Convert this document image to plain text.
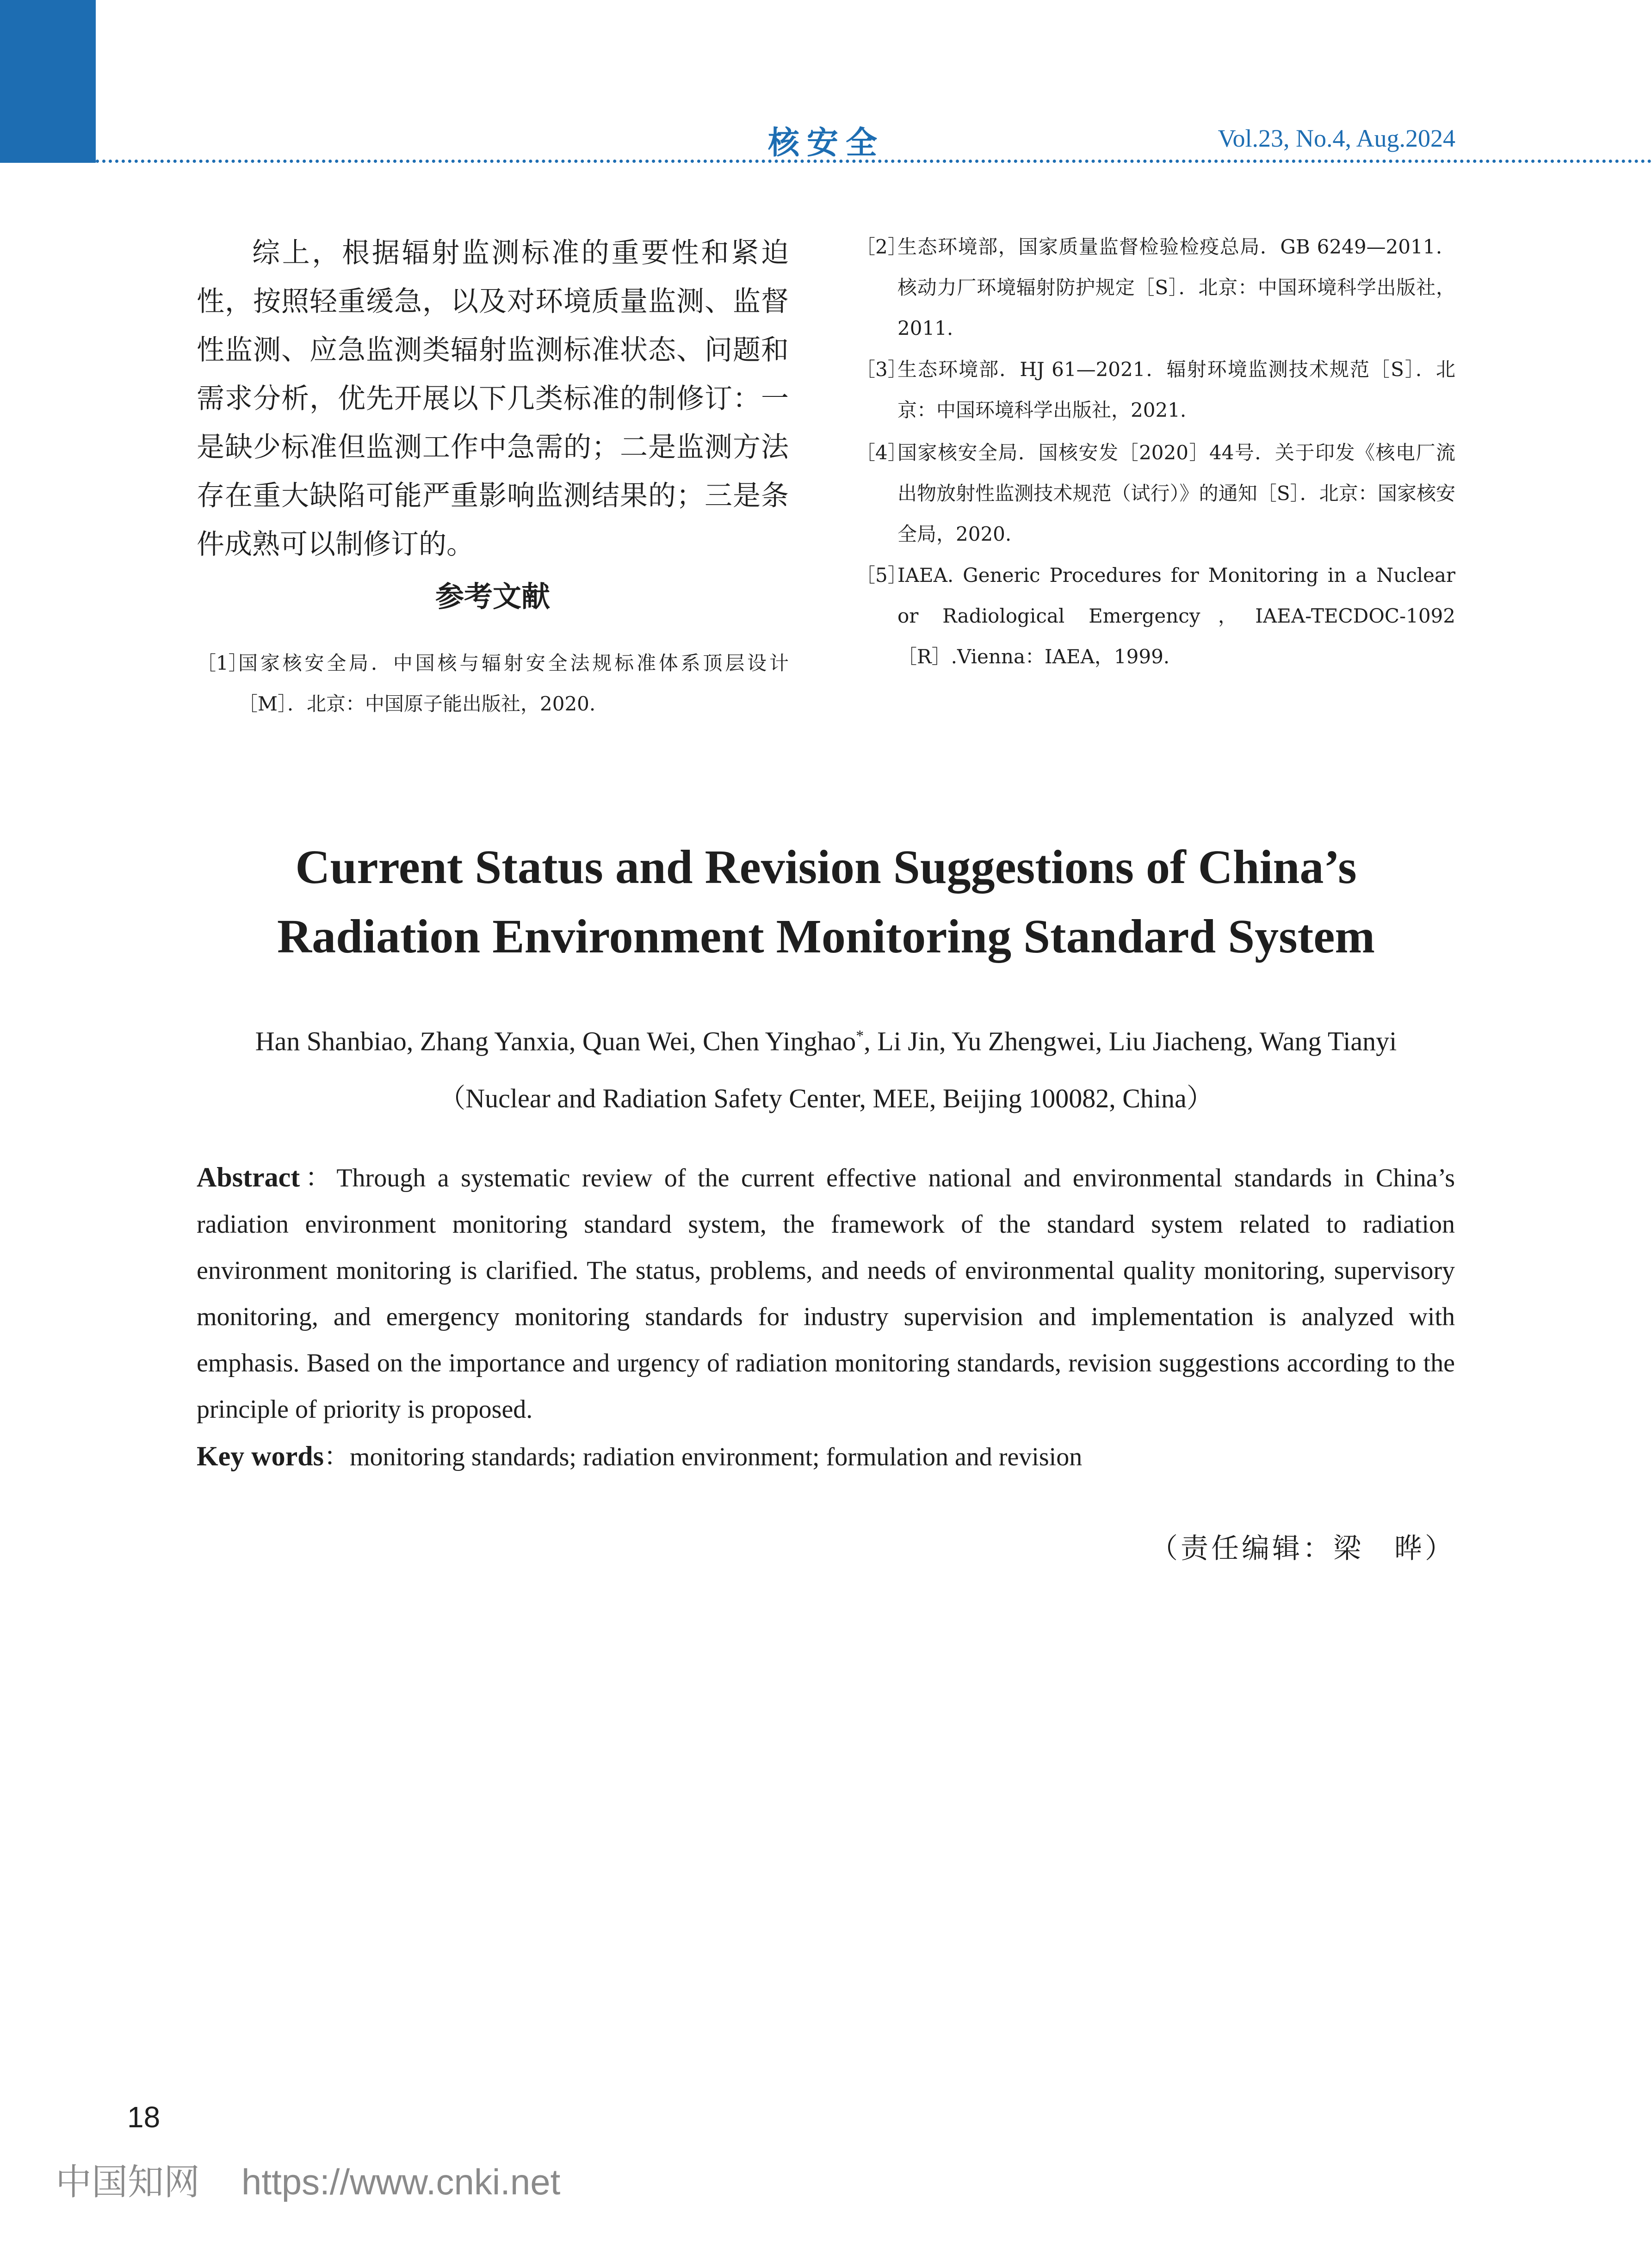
核安全	Vol.23, No.4, Aug.2024

综上，根据辐射监测标准的重要性和紧迫性，按照轻重缓急，以及对环境质量监测、监督性监测、应急监测类辐射监测标准状态、问题和需求分析，优先开展以下几类标准的制修订：一是缺少标准但监测工作中急需的；二是监测方法存在重大缺陷可能严重影响监测结果的；三是条件成熟可以制修订的。

参考文献

［1］
国家核安全局．中国核与辐射安全法规标准体系顶层设计［M］．北京：中国原子能出版社，2020.
［2］
生态环境部，国家质量监督检验检疫总局．GB 6249—2011．核动力厂环境辐射防护规定［S］．北京：中国环境科学出版社，2011.
［3］
生态环境部．HJ 61—2021．辐射环境监测技术规范［S］．北京：中国环境科学出版社，2021.
［4］
国家核安全局．国核安发［2020］44号．关于印发《核电厂流出物放射性监测技术规范（试行）》的通知［S］．北京：国家核安全局，2020.
［5］
IAEA. Generic Procedures for Monitoring in a Nuclear or Radiological Emergency，IAEA-TECDOC-1092［R］.Vienna：IAEA，1999.
Current Status and Revision Suggestions of China’s
Radiation Environment Monitoring Standard System

Han Shanbiao, Zhang Yanxia, Quan Wei, Chen Yinghao*, Li Jin, Yu Zhengwei, Liu Jiacheng, Wang Tianyi

（Nuclear and Radiation Safety Center, MEE, Beijing 100082, China）

Abstract：Through a systematic review of the current effective national and environmental standards in China’s radiation environment monitoring standard system, the framework of the standard system related to radiation environment monitoring is clarified. The status, problems, and needs of environmental quality monitoring, supervisory monitoring, and emergency monitoring standards for industry supervision and implementation is analyzed with emphasis. Based on the importance and urgency of radiation monitoring standards, revision suggestions according to the principle of priority is proposed.

Key words：monitoring standards; radiation environment; formulation and revision

（责任编辑：梁　晔）

18
中国知网 https://www.cnki.net
